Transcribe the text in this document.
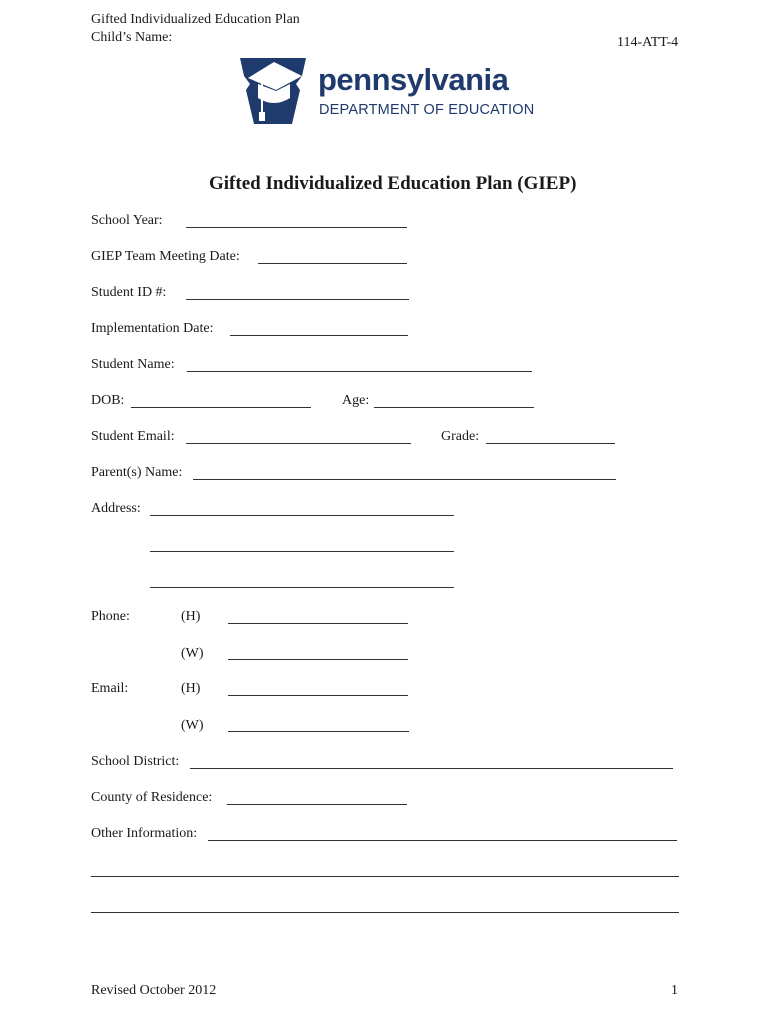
Gifted Individualized Education Plan
Child’s Name:	114-ATT-4
pennsylvania
DEPARTMENT OF EDUCATION
Gifted Individualized Education Plan (GIEP)
School Year:
GIEP Team Meeting Date:
Student ID #:
Implementation Date:
Student Name:
DOB:	Age:
Student Email:	Grade:
Parent(s) Name:
Address:
Phone:	(H)
(W)
Email:	(H)
(W)
School District:
County of Residence:
Other Information:
Revised October 2012	1
